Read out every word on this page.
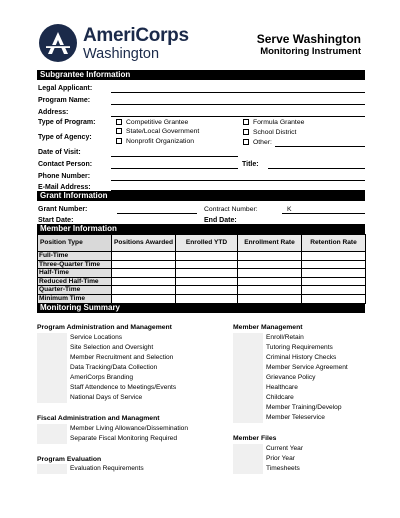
AmeriCorps
Washington
Serve Washington
Monitoring Instrument
Subgrantee Information
Legal Applicant:
Program Name:
Address:
Type of Program:	Competitive Grantee	Formula Grantee
Type of Agency:
State/Local Government	School District
Nonprofit Organization	Other:
Date of Visit:
Contact Person:	Title:
Phone Number:
E-Mail Address:
Grant Information
Grant Number:	Contract Number:	K
Start Date:	End Date:
Member Information
Position Type	Positions Awarded	Enrolled YTD	Enrollment Rate	Retention Rate
Full-Time				
Three-Quarter Time				
Half-Time				
Reduced Half-Time				
Quarter-Time				
Minimum Time				
Monitoring Summary
Program Administration and Management
Service Locations
Site Selection and Oversight
Member Recruitment and Selection
Data Tracking/Data Collection
AmeriCorps Branding
Staff Attendence to Meetings/Events
National Days of Service
Fiscal Administration and Managment
Member Living Allowance/Dissemination
Separate Fiscal Monitoring Required
Program Evaluation
Evaluation Requirements
Member Management
Enroll/Retain
Tutoring Requirements
Criminal History Checks
Member Service Agreement
Grievance Policy
Healthcare
Childcare
Member Training/Develop
Member Teleservice
Member Files
Current Year
Prior Year
Timesheets
